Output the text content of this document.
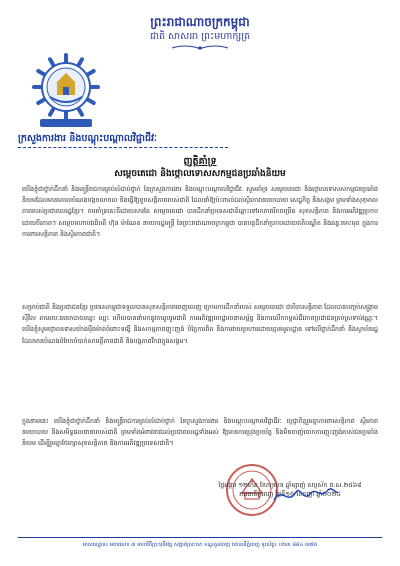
ព្រះរាជាណាចក្រកម្ពុជា
ជាតិ សាសនា ព្រះមហាក្សត្រ
ក្រសួងការងារ និងបណ្តុះបណ្តាលវិជ្ជាជីវៈ
ញត្តិគាំទ្រ
សម្តេចតេជោ និងថ្កោលទោសសកម្មជនប្រឆាំងនិយម
យើងខ្ញុំជាថ្នាក់ដឹកនាំ និងមន្ត្រីរាជការគ្រប់លំដាប់ថ្នាក់ នៃក្រសួងការងារ និងបណ្តុះបណ្តាលវិជ្ជាជីវៈ សូមគាំទ្រ សម្តេចតេជោ និងថ្កោលទោសសកម្មជនប្រឆាំងនិយមដែលមានគោលបំណងបង្កចលាចល និងធ្វើឱ្យខូចសន្តិភាពរបស់ជាតិ ដែលនាំឱ្យប៉ះពាល់ដល់ស្ថិរភាពនយោបាយ សេដ្ឋកិច្ច និងសង្គម ព្រមទាំងសុខុមាលភាពរបស់ប្រជាពលរដ្ឋខ្មែរ។ ការគាំទ្រនេះគឺដោយសារតែ សម្តេចតេជោ បានដឹកនាំប្រទេសជាតិឆ្ពោះទៅរកភាពរីកចម្រើន សុខសន្តិភាព និងការអភិវឌ្ឍប្រកបដោយចីរភាព។ សម្តេចមហាបវរធិបតី ហ៊ុន ម៉ាណែត នាយករដ្ឋមន្ត្រី នៃព្រះរាជាណាចក្រកម្ពុជា បានបន្តដឹកនាំប្រកបដោយគតិបណ្ឌិត និងឆន្ទៈមោះមុត ក្នុងការការពារសន្តិភាព និងស្ថិរភាពជាតិ។
សម្រាប់ជាតិ និងប្រជាជនខ្មែរ ប្រទេសកម្ពុជាទទួលបានសុខសន្តិភាពពេញលេញ ក្រោមការដឹកនាំរបស់ សម្តេចតេជោ ជាបិតាសន្តិភាព ដែលបានបញ្ចប់សង្គ្រាមស៊ីវិល តាមរយៈនយោបាយឈ្នះ ឈ្នះ ហើយបាននាំមកនូវការរួបរួមជាតិ ការអភិវឌ្ឍហេដ្ឋារចនាសម្ព័ន្ធ និងការលើកកម្ពស់ជីវភាពប្រជាជនគ្រប់ស្រទាប់វណ្ណៈ។ យើងខ្ញុំសូមថ្កោលទោសយ៉ាងម៉ឺងម៉ាត់ចំពោះទង្វើ និងសកម្មភាពញុះញង់ បំភ្លៃការពិត និងការវាយប្រហារដោយគ្មានមូលដ្ឋាន ទៅលើថ្នាក់ដឹកនាំ និងស្ថាប័នរដ្ឋ ដែលមានបំណងបំបែកបំបាក់សាមគ្គីភាពជាតិ និងបង្កភាពវឹកវរក្នុងសង្គម។
ក្នុងនាមនេះ យើងខ្ញុំជាថ្នាក់ដឹកនាំ និងមន្ត្រីរាជការគ្រប់លំដាប់ថ្នាក់ នៃក្រសួងការងារ និងបណ្តុះបណ្តាលវិជ្ជាជីវៈ ប្តេជ្ញាចិត្តរួមគ្នាការពារសន្តិភាព ស្ថិរភាពនយោបាយ និងសមិទ្ធផលនានារបស់ជាតិ ព្រមទាំងអំពាវនាវដល់ប្រជាពលរដ្ឋទាំងអស់ ឱ្យមានការប្រុងប្រយ័ត្ន និងមិនចាញ់បោកការញុះញង់របស់ជនប្រឆាំងនិយម ដើម្បីរួមគ្នាថែរក្សាសុខសន្តិភាព និងការអភិវឌ្ឍប្រទេសជាតិ។
ថ្ងៃអង្គារ ១២កើត ខែភទ្របទ ឆ្នាំម្សាញ់ សប្តស័ក ព.ស.២៥៦៨
រាជធានីភ្នំពេញ ថ្ងៃទី១៥ ខែកញ្ញា ឆ្នាំ២០២៤
អាសយដ្ឋាន៖ អគារលេខ ៣ មហាវិថីព្រះមុនីវង្ស សង្កាត់ស្រះចក ខណ្ឌដូនពេញ រាជធានីភ្នំពេញ ទូរស័ព្ទ៖ ០២៣ ៨៨៤ ៣៧៥
